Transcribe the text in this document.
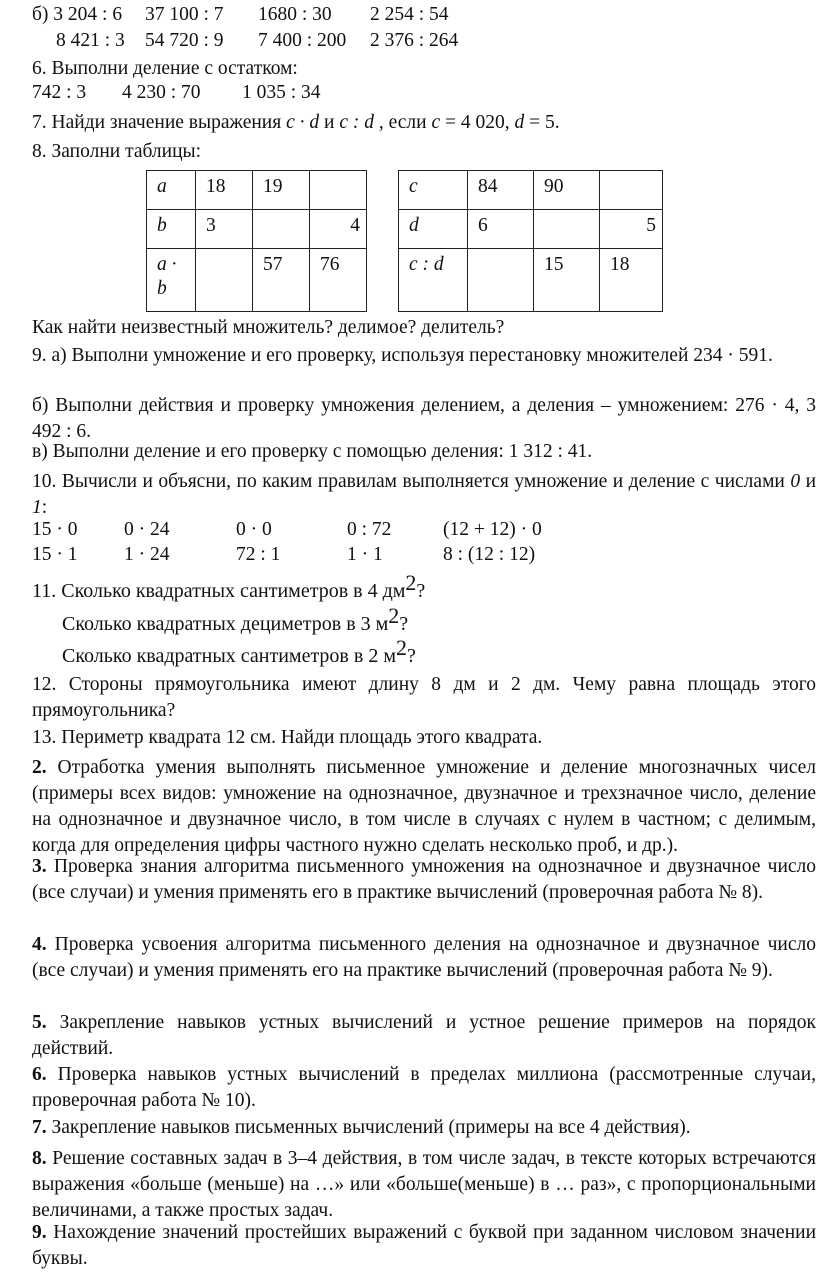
б) 3 204 : 6 37 100 : 7 1680 : 30 2 254 : 54
8 421 : 3 54 720 : 9 7 400 : 200 2 376 : 264
6. Выполни деление с остатком:
742 : 3 4 230 : 70 1 035 : 34
7. Найди значение выражения c · d и c : d , если c = 4 020, d = 5.
8. Заполни таблицы:
a	18	19	
b	3		4
a · b		57	76
c	84	90	
d	6		5
c : d		15	18
Как найти неизвестный множитель? делимое? делитель?
9. а) Выполни умножение и его проверку, используя перестановку множителей 234 · 591.
б) Выполни действия и проверку умножения делением, а деления – умножением: 276 · 4, 3 492 : 6.
в) Выполни деление и его проверку с помощью деления: 1 312 : 41.
10. Вычисли и объясни, по каким правилам выполняется умножение и деление с числами 0 и 1:
15 · 0 0 · 24	0 · 0	0 : 72	(12 + 12) · 0
15 · 1 1 · 24	72 : 1	1 · 1	8 : (12 : 12)
11. Сколько квадратных сантиметров в 4 $дм^2$?
Сколько квадратных дециметров в 3 $м^2$?
Сколько квадратных сантиметров в 2 $м^2$?
12. Стороны прямоугольника имеют длину 8 дм и 2 дм. Чему равна площадь этого прямоугольника?
13. Периметр квадрата 12 см. Найди площадь этого квадрата.
2. Отработка умения выполнять письменное умножение и деление многозначных чисел (примеры всех видов: умножение на однозначное, двузначное и трехзначное число, деление на однозначное и двузначное число, в том числе в случаях с нулем в частном; с делимым, когда для определения цифры частного нужно сделать несколько проб, и др.).
3. Проверка знания алгоритма письменного умножения на однозначное и двузначное число (все случаи) и умения применять его в практике вычислений (проверочная работа № 8).
4. Проверка усвоения алгоритма письменного деления на однозначное и двузначное число (все случаи) и умения применять его на практике вычислений (проверочная работа № 9).
5. Закрепление навыков устных вычислений и устное решение примеров на порядок действий.
6. Проверка навыков устных вычислений в пределах миллиона (рассмотренные случаи, проверочная работа № 10).
7. Закрепление навыков письменных вычислений (примеры на все 4 действия).
8. Решение составных задач в 3–4 действия, в том числе задач, в тексте которых встречаются выражения «больше (меньше) на …» или «больше(меньше) в … раз», с пропорциональными величинами, а также простых задач.
9. Нахождение значений простейших выражений с буквой при заданном числовом значении буквы.
